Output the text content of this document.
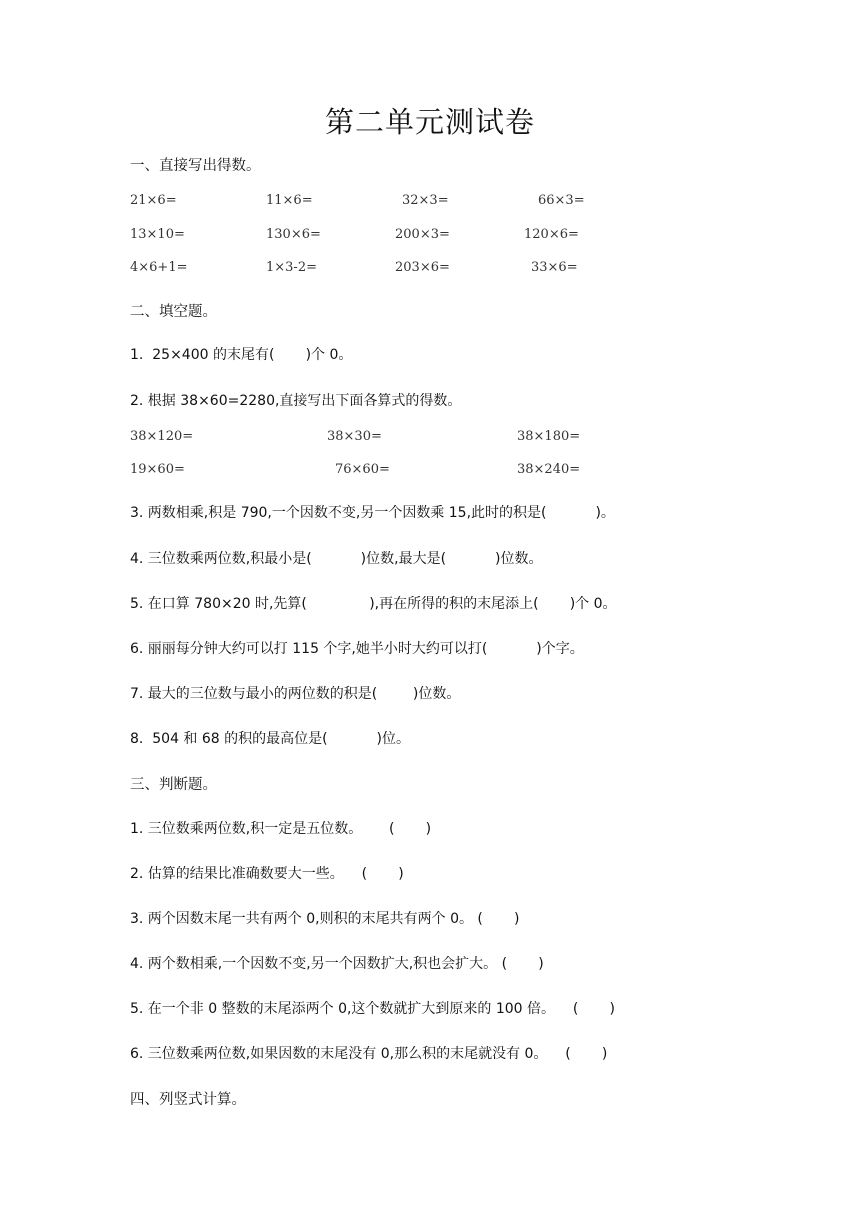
第二单元测试卷
一、直接写出得数。
21×6=	11×6=	32×3=	66×3=
13×10=	130×6=	200×3=	120×6=
4×6+1=	1×3-2=	203×6=	33×6=
二、填空题。
1.  25×400 的末尾有(       )个 0。
2. 根据 38×60=2280,直接写出下面各算式的得数。
38×120=	38×30=	38×180=
19×60=	76×60=	38×240=
3. 两数相乘,积是 790,一个因数不变,另一个因数乘 15,此时的积是(           )。
4. 三位数乘两位数,积最小是(           )位数,最大是(           )位数。
5. 在口算 780×20 时,先算(              ),再在所得的积的末尾添上(       )个 0。
6. 丽丽每分钟大约可以打 115 个字,她半小时大约可以打(           )个字。
7. 最大的三位数与最小的两位数的积是(        )位数。
8.  504 和 68 的积的最高位是(           )位。
三、判断题。
1. 三位数乘两位数,积一定是五位数。      (       )
2. 估算的结果比准确数要大一些。    (       )
3. 两个因数末尾一共有两个 0,则积的末尾共有两个 0。 (       )
4. 两个数相乘,一个因数不变,另一个因数扩大,积也会扩大。 (       )
5. 在一个非 0 整数的末尾添两个 0,这个数就扩大到原来的 100 倍。    (       )
6. 三位数乘两位数,如果因数的末尾没有 0,那么积的末尾就没有 0。    (       )
四、列竖式计算。
